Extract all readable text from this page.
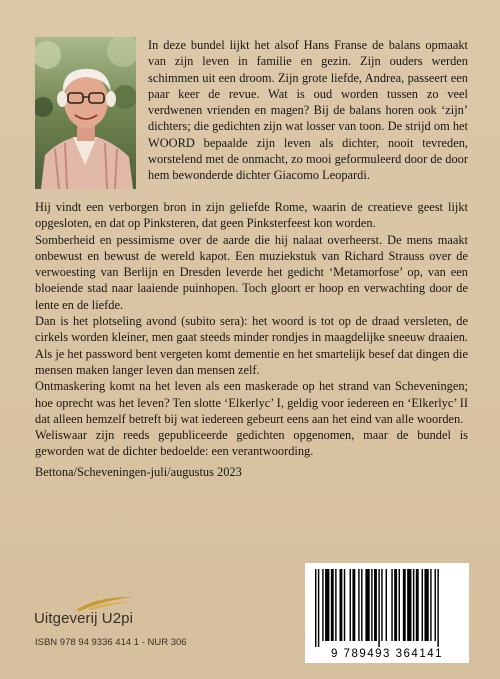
In deze bundel lijkt het alsof Hans Franse de balans opmaakt van zijn leven in familie en gezin. Zijn ouders werden schimmen uit een droom. Zijn grote liefde, Andrea, passeert een paar keer de revue. Wat is oud worden tussen zo veel verdwenen vrienden en magen? Bij de balans horen ook ‘zijn’ dichters; die gedichten zijn wat losser van toon. De strijd om het WOORD bepaalde zijn leven als dichter, nooit tevreden, worstelend met de onmacht, zo mooi geformuleerd door de door hem bewonderde dichter Giacomo Leopardi.

Hij vindt een verborgen bron in zijn geliefde Rome, waarin de creatieve geest lijkt opgesloten, en dat op Pinksteren, dat geen Pinksterfeest kon worden.

Somberheid en pessimisme over de aarde die hij nalaat overheerst. De mens maakt onbewust en bewust de wereld kapot. Een muziekstuk van Richard Strauss over de verwoesting van Berlijn en Dresden leverde het gedicht ‘Metamorfose’ op, van een bloeiende stad naar laaiende puinhopen. Toch gloort er hoop en verwachting door de lente en de liefde.

Dan is het plotseling avond (subito sera): het woord is tot op de draad versleten, de cirkels worden kleiner, men gaat steeds minder rondjes in maagdelijke sneeuw draaien. Als je het password bent vergeten komt dementie en het smartelijk besef dat dingen die mensen maken langer leven dan mensen zelf.

Ontmaskering komt na het leven als een maskerade op het strand van Scheveningen; hoe oprecht was het leven? Ten slotte ‘Elkerlyc’ I, geldig voor iedereen en ‘Elkerlyc’ II dat alleen hemzelf betreft bij wat iedereen gebeurt eens aan het eind van alle woorden.

Weliswaar zijn reeds gepubliceerde gedichten opgenomen, maar de bundel is geworden wat de dichter bedoelde: een verantwoording.

Bettona/Scheveningen-juli/augustus 2023
Uitgeverij U2pi
ISBN 978 94 9336 414 1 - NUR 306
9 789493 364141
